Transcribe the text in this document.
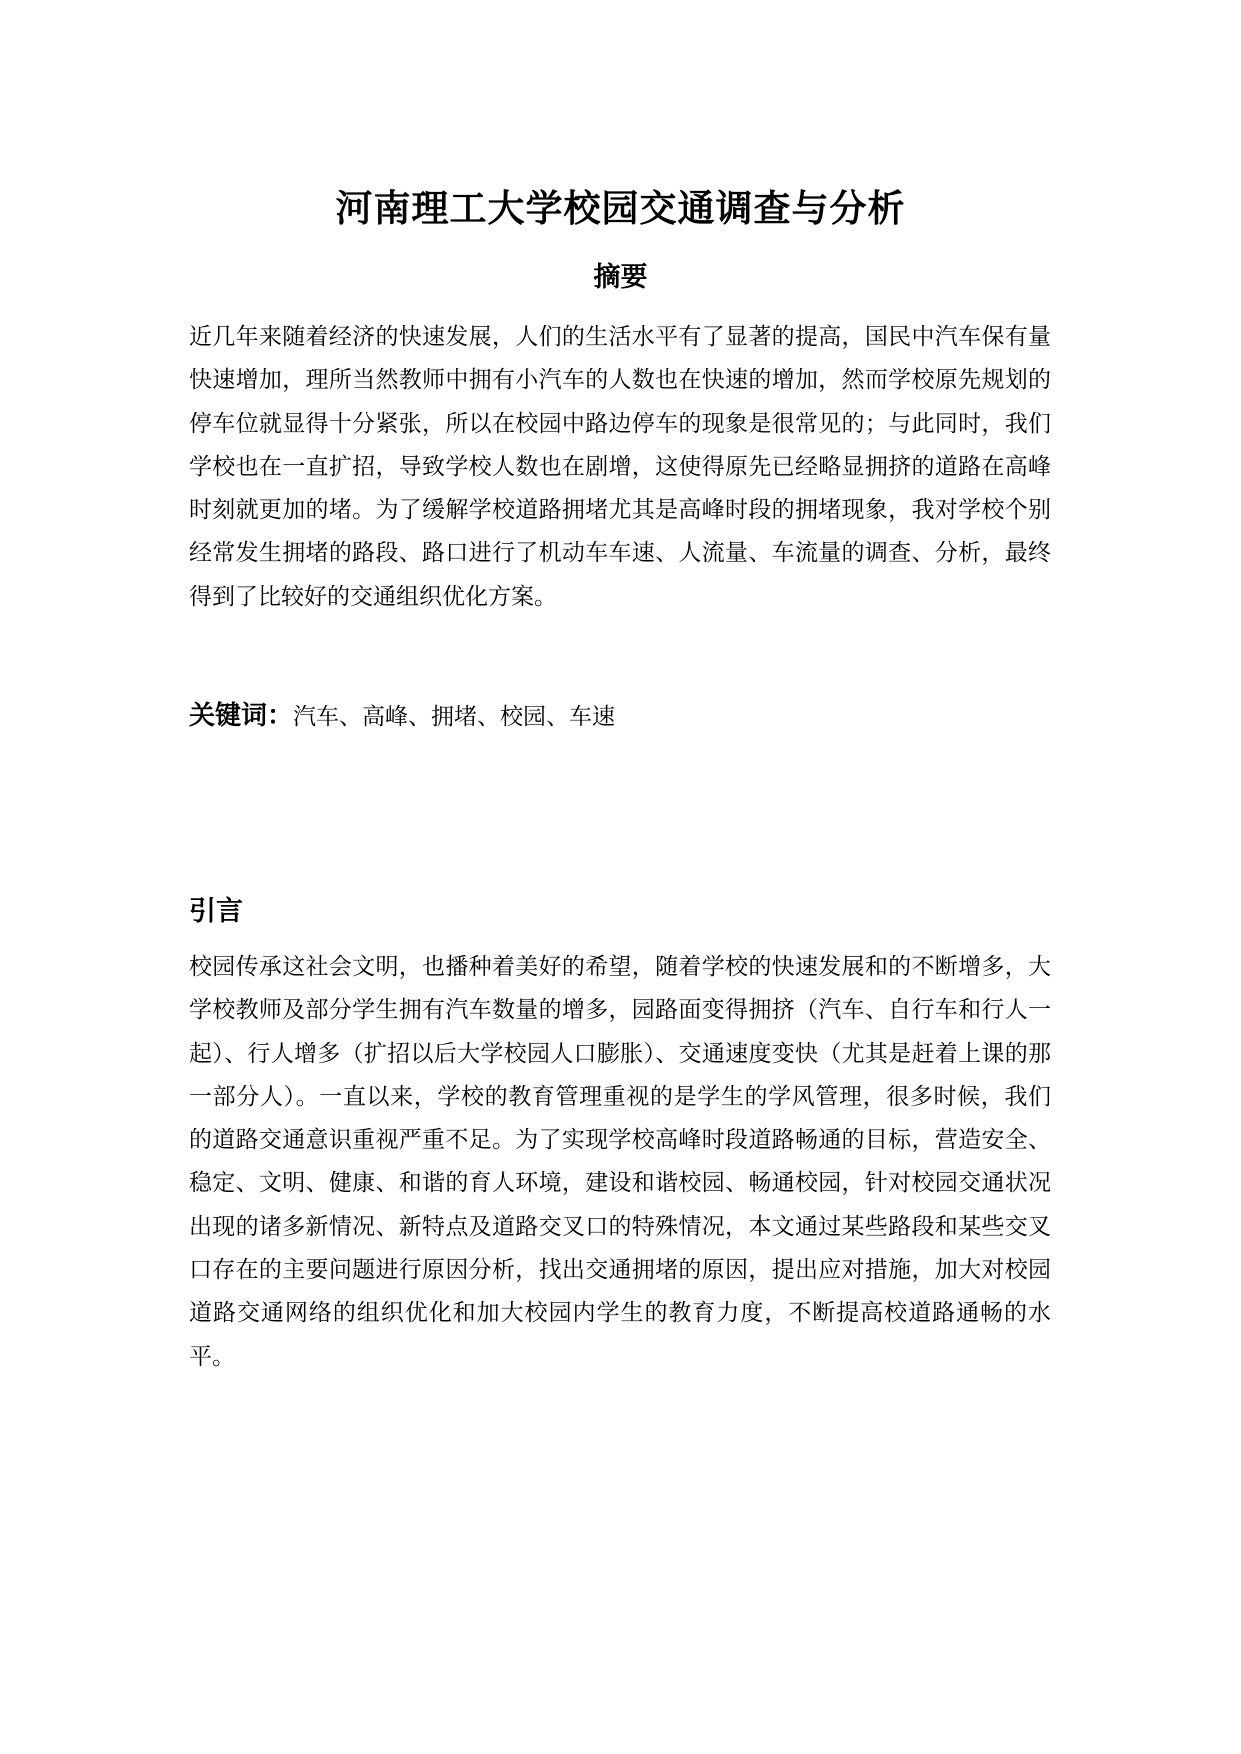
河南理工大学校园交通调查与分析
摘要
近几年来随着经济的快速发展，人们的生活水平有了显著的提高，国民中汽车保有量快速增加，理所当然教师中拥有小汽车的人数也在快速的增加，然而学校原先规划的停车位就显得十分紧张，所以在校园中路边停车的现象是很常见的；与此同时，我们学校也在一直扩招，导致学校人数也在剧增，这使得原先已经略显拥挤的道路在高峰时刻就更加的堵。为了缓解学校道路拥堵尤其是高峰时段的拥堵现象，我对学校个别经常发生拥堵的路段、路口进行了机动车车速、人流量、车流量的调查、分析，最终得到了比较好的交通组织优化方案。
关键词：汽车、高峰、拥堵、校园、车速
引言
校园传承这社会文明，也播种着美好的希望，随着学校的快速发展和的不断增多，大学校教师及部分学生拥有汽车数量的增多，园路面变得拥挤（汽车、自行车和行人一起）、行人增多（扩招以后大学校园人口膨胀）、交通速度变快（尤其是赶着上课的那一部分人）。一直以来，学校的教育管理重视的是学生的学风管理，很多时候，我们的道路交通意识重视严重不足。为了实现学校高峰时段道路畅通的目标，营造安全、稳定、文明、健康、和谐的育人环境，建设和谐校园、畅通校园，针对校园交通状况出现的诸多新情况、新特点及道路交叉口的特殊情况，本文通过某些路段和某些交叉口存在的主要问题进行原因分析，找出交通拥堵的原因，提出应对措施，加大对校园道路交通网络的组织优化和加大校园内学生的教育力度，不断提高校道路通畅的水平。
